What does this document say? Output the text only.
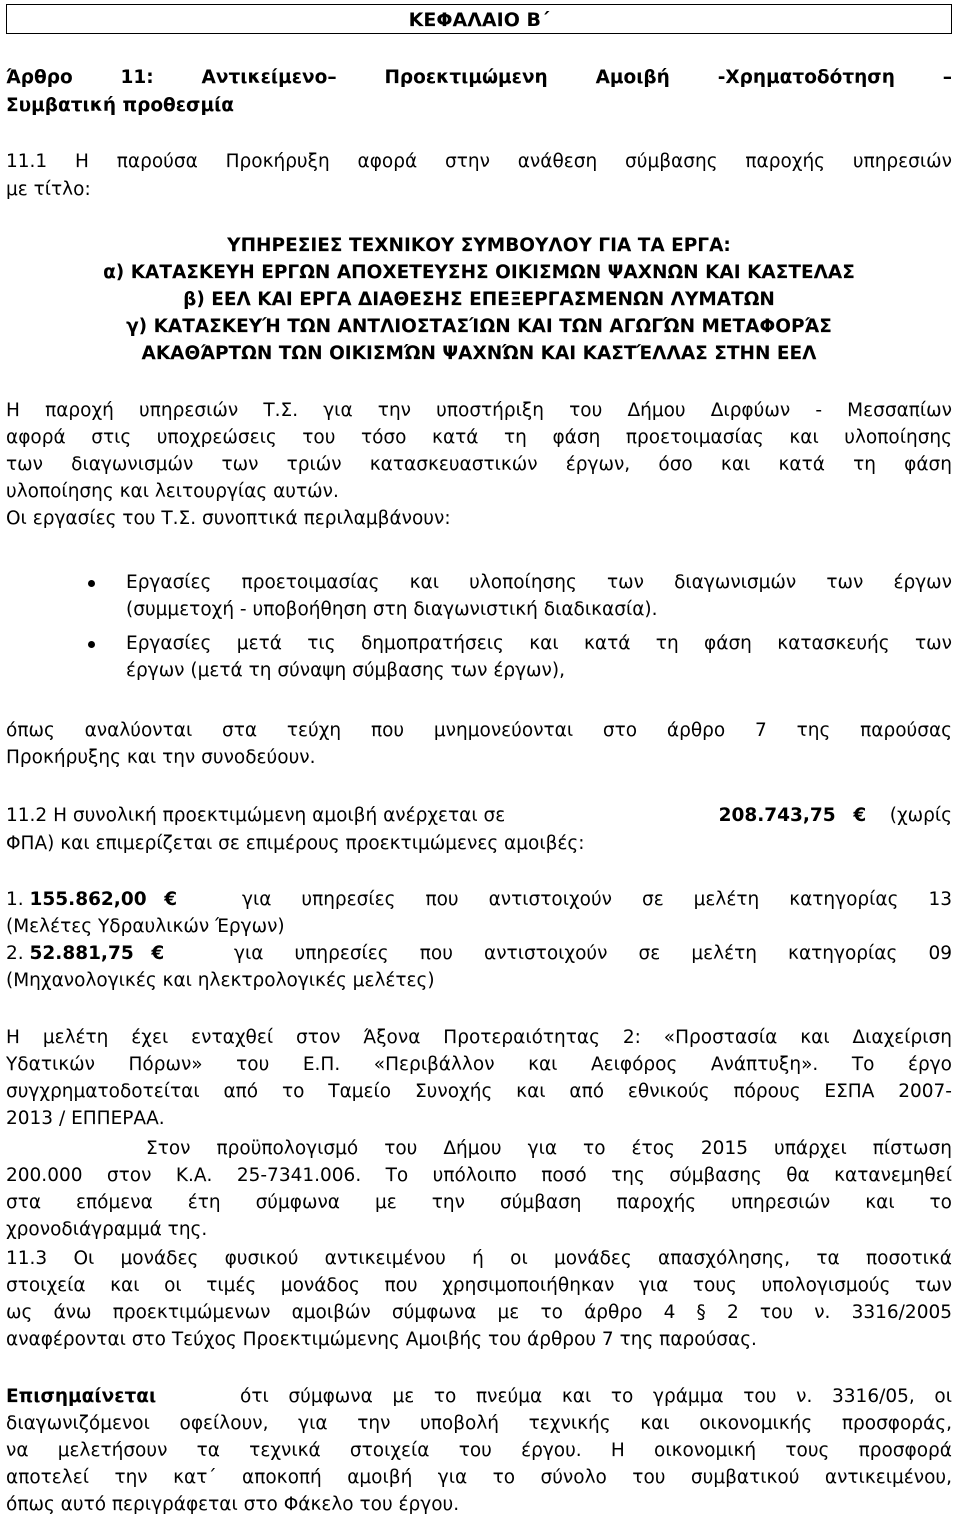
ΚΕΦΑΛΑΙΟ Β΄
Άρθρο 11: Αντικείμενο– Προεκτιμώμενη Αμοιβή -Χρηματοδότηση –
Συμβατική προθεσμία
11.1 Η παρούσα Προκήρυξη αφορά στην ανάθεση σύμβασης παροχής υπηρεσιών
με τίτλο:
ΥΠΗΡΕΣΙΕΣ ΤΕΧΝΙΚΟΥ ΣΥΜΒΟΥΛΟΥ ΓΙΑ ΤΑ ΕΡΓΑ:
α) ΚΑΤΑΣΚΕΥΗ ΕΡΓΩΝ ΑΠΟΧΕΤΕΥΣΗΣ ΟΙΚΙΣΜΩΝ ΨΑΧΝΩΝ ΚΑΙ ΚΑΣΤΕΛΑΣ
β) ΕΕΛ ΚΑΙ ΕΡΓΑ ΔΙΑΘΕΣΗΣ ΕΠΕΞΕΡΓΑΣΜΕΝΩΝ ΛΥΜΑΤΩΝ
γ) ΚΑΤΑΣΚΕΥΉ ΤΩΝ ΑΝΤΛΙΟΣΤΑΣΊΩΝ ΚΑΙ ΤΩΝ ΑΓΩΓΏΝ ΜΕΤΑΦΟΡΆΣ
ΑΚΑΘΆΡΤΩΝ ΤΩΝ ΟΙΚΙΣΜΏΝ ΨΑΧΝΏΝ ΚΑΙ ΚΑΣΤΈΛΛΑΣ ΣΤΗΝ ΕΕΛ
Η παροχή υπηρεσιών Τ.Σ. για την υποστήριξη του Δήμου Διρφύων - Μεσσαπίων
αφορά στις υποχρεώσεις του τόσο κατά τη φάση προετοιμασίας και υλοποίησης
των διαγωνισμών των τριών κατασκευαστικών έργων, όσο και κατά τη φάση
υλοποίησης και λειτουργίας αυτών.
Οι εργασίες του Τ.Σ. συνοπτικά περιλαμβάνουν:
Εργασίες προετοιμασίας και υλοποίησης των διαγωνισμών των έργων
(συμμετοχή - υποβοήθηση στη διαγωνιστική διαδικασία).
Εργασίες μετά τις δημοπρατήσεις και κατά τη φάση κατασκευής των
έργων (μετά τη σύναψη σύμβασης των έργων),
όπως αναλύονται στα τεύχη που μνημονεύονται στο άρθρο 7 της παρούσας
Προκήρυξης και την συνοδεύουν.
11.2 Η συνολική προεκτιμώμενη αμοιβή ανέρχεται σε	208.743,75 € (χωρίς
ΦΠΑ) και επιμερίζεται σε επιμέρους προεκτιμώμενες αμοιβές:
1. 155.862,00 €	για υπηρεσίες που αντιστοιχούν σε μελέτη κατηγορίας 13
(Μελέτες Υδραυλικών Έργων)
2. 52.881,75 €	για υπηρεσίες που αντιστοιχούν σε μελέτη κατηγορίας 09
(Μηχανολογικές και ηλεκτρολογικές μελέτες)
Η μελέτη έχει ενταχθεί στον Άξονα Προτεραιότητας 2: «Προστασία και Διαχείριση
Υδατικών Πόρων» του Ε.Π. «Περιβάλλον και Αειφόρος Ανάπτυξη». Το έργο
συγχρηματοδοτείται από το Ταμείο Συνοχής και από εθνικούς πόρους ΕΣΠΑ 2007-
2013 / ΕΠΠΕΡΑΑ.
Στον προϋπολογισμό του Δήμου για το έτος 2015 υπάρχει πίστωση
200.000 στον Κ.Α. 25-7341.006. Το υπόλοιπο ποσό της σύμβασης θα κατανεμηθεί
στα επόμενα έτη σύμφωνα με την σύμβαση παροχής υπηρεσιών και το
χρονοδιάγραμμά της.
11.3 Οι μονάδες φυσικού αντικειμένου ή οι μονάδες απασχόλησης, τα ποσοτικά
στοιχεία και οι τιμές μονάδος που χρησιμοποιήθηκαν για τους υπολογισμούς των
ως άνω προεκτιμώμενων αμοιβών σύμφωνα με το άρθρο 4 § 2 του ν. 3316/2005
αναφέρονται στο Τεύχος Προεκτιμώμενης Αμοιβής του άρθρου 7 της παρούσας.
Επισημαίνεται	ότι σύμφωνα με το πνεύμα και το γράμμα του ν. 3316/05, οι
διαγωνιζόμενοι οφείλουν, για την υποβολή τεχνικής και οικονομικής προσφοράς,
να μελετήσουν τα τεχνικά στοιχεία του έργου. Η οικονομική τους προσφορά
αποτελεί την κατ΄ αποκοπή αμοιβή για το σύνολο του συμβατικού αντικειμένου,
όπως αυτό περιγράφεται στο Φάκελο του έργου.
